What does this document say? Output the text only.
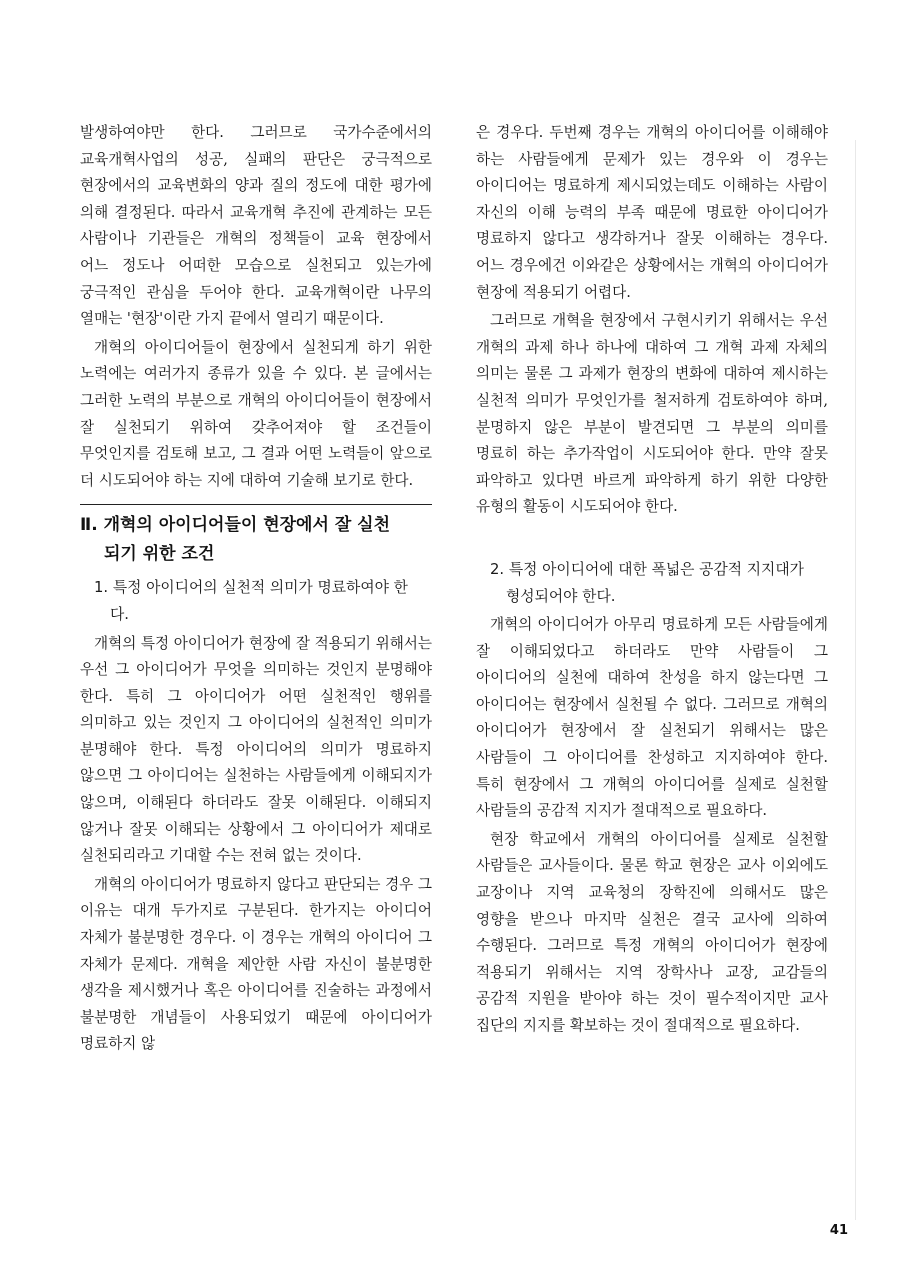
발생하여야만 한다. 그러므로 국가수준에서의 교육개혁사업의 성공, 실패의 판단은 궁극적으로 현장에서의 교육변화의 양과 질의 정도에 대한 평가에 의해 결정된다. 따라서 교육개혁 추진에 관계하는 모든 사람이나 기관들은 개혁의 정책들이 교육 현장에서 어느 정도나 어떠한 모습으로 실천되고 있는가에 궁극적인 관심을 두어야 한다. 교육개혁이란 나무의 열매는 '현장'이란 가지 끝에서 열리기 때문이다.

개혁의 아이디어들이 현장에서 실천되게 하기 위한 노력에는 여러가지 종류가 있을 수 있다. 본 글에서는 그러한 노력의 부분으로 개혁의 아이디어들이 현장에서 잘 실천되기 위하여 갖추어져야 할 조건들이 무엇인지를 검토해 보고, 그 결과 어떤 노력들이 앞으로 더 시도되어야 하는 지에 대하여 기술해 보기로 한다.

Ⅱ. 개혁의 아이디어들이 현장에서 잘 실천
되기 위한 조건
1. 특정 아이디어의 실천적 의미가 명료하여야 한
다.

개혁의 특정 아이디어가 현장에 잘 적용되기 위해서는 우선 그 아이디어가 무엇을 의미하는 것인지 분명해야 한다. 특히 그 아이디어가 어떤 실천적인 행위를 의미하고 있는 것인지 그 아이디어의 실천적인 의미가 분명해야 한다. 특정 아이디어의 의미가 명료하지 않으면 그 아이디어는 실천하는 사람들에게 이해되지가 않으며, 이해된다 하더라도 잘못 이해된다. 이해되지 않거나 잘못 이해되는 상황에서 그 아이디어가 제대로 실천되리라고 기대할 수는 전혀 없는 것이다.

개혁의 아이디어가 명료하지 않다고 판단되는 경우 그 이유는 대개 두가지로 구분된다. 한가지는 아이디어 자체가 불분명한 경우다. 이 경우는 개혁의 아이디어 그 자체가 문제다. 개혁을 제안한 사람 자신이 불분명한 생각을 제시했거나 혹은 아이디어를 진술하는 과정에서 불분명한 개념들이 사용되었기 때문에 아이디어가 명료하지 않

은 경우다. 두번째 경우는 개혁의 아이디어를 이해해야 하는 사람들에게 문제가 있는 경우와 이 경우는 아이디어는 명료하게 제시되었는데도 이해하는 사람이 자신의 이해 능력의 부족 때문에 명료한 아이디어가 명료하지 않다고 생각하거나 잘못 이해하는 경우다. 어느 경우에건 이와같은 상황에서는 개혁의 아이디어가 현장에 적용되기 어렵다.

그러므로 개혁을 현장에서 구현시키기 위해서는 우선 개혁의 과제 하나 하나에 대하여 그 개혁 과제 자체의 의미는 물론 그 과제가 현장의 변화에 대하여 제시하는 실천적 의미가 무엇인가를 철저하게 검토하여야 하며, 분명하지 않은 부분이 발견되면 그 부분의 의미를 명료히 하는 추가작업이 시도되어야 한다. 만약 잘못 파악하고 있다면 바르게 파악하게 하기 위한 다양한 유형의 활동이 시도되어야 한다.

2. 특정 아이디어에 대한 폭넓은 공감적 지지대가
형성되어야 한다.

개혁의 아이디어가 아무리 명료하게 모든 사람들에게 잘 이해되었다고 하더라도 만약 사람들이 그 아이디어의 실천에 대하여 찬성을 하지 않는다면 그 아이디어는 현장에서 실천될 수 없다. 그러므로 개혁의 아이디어가 현장에서 잘 실천되기 위해서는 많은 사람들이 그 아이디어를 찬성하고 지지하여야 한다. 특히 현장에서 그 개혁의 아이디어를 실제로 실천할 사람들의 공감적 지지가 절대적으로 필요하다.

현장 학교에서 개혁의 아이디어를 실제로 실천할 사람들은 교사들이다. 물론 학교 현장은 교사 이외에도 교장이나 지역 교육청의 장학진에 의해서도 많은 영향을 받으나 마지막 실천은 결국 교사에 의하여 수행된다. 그러므로 특정 개혁의 아이디어가 현장에 적용되기 위해서는 지역 장학사나 교장, 교감들의 공감적 지원을 받아야 하는 것이 필수적이지만 교사 집단의 지지를 확보하는 것이 절대적으로 필요하다.

41
